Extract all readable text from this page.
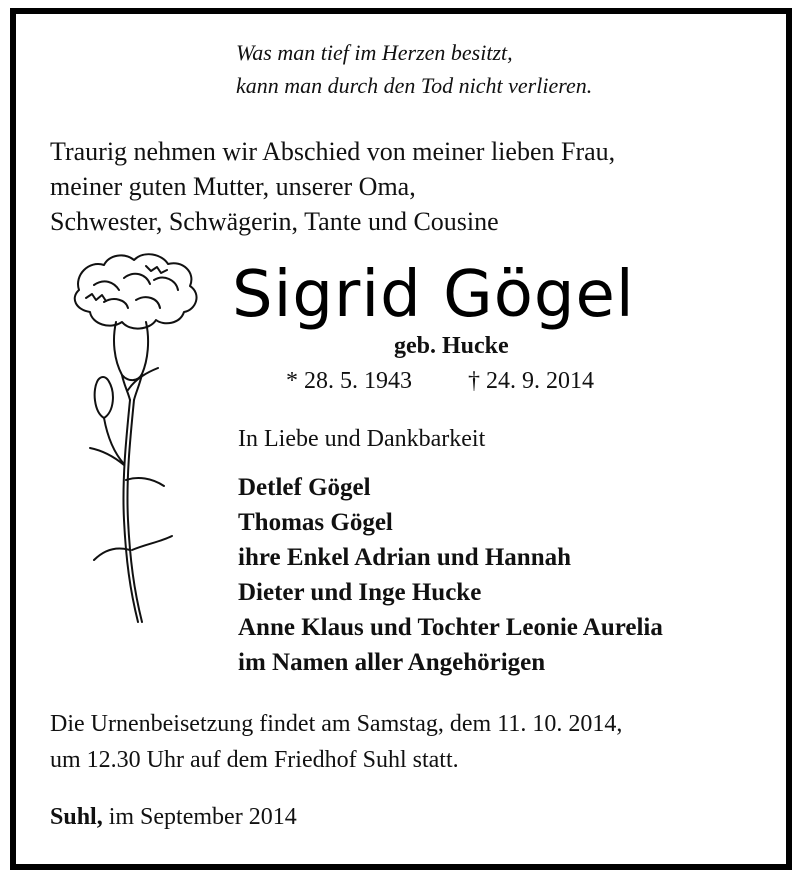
Was man tief im Herzen besitzt,
kann man durch den Tod nicht verlieren.
Traurig nehmen wir Abschied von meiner lieben Frau,
meiner guten Mutter, unserer Oma,
Schwester, Schwägerin, Tante und Cousine
Sigrid Gögel
geb. Hucke
* 28. 5. 1943 † 24. 9. 2014
In Liebe und Dankbarkeit
Detlef Gögel
Thomas Gögel
ihre Enkel Adrian und Hannah
Dieter und Inge Hucke
Anne Klaus und Tochter Leonie Aurelia
im Namen aller Angehörigen
Die Urnenbeisetzung findet am Samstag, dem 11. 10. 2014,
um 12.30 Uhr auf dem Friedhof Suhl statt.
Suhl, im September 2014
